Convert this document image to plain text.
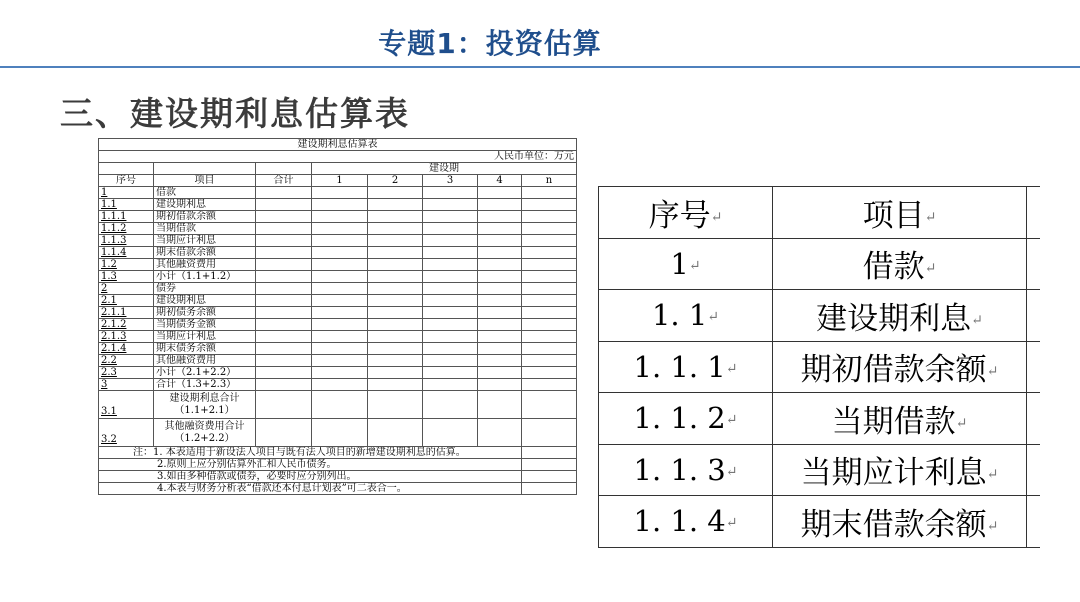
专题1：投资估算
三、建设期利息估算表
建设期利息估算表							
人民币单位：万元							
			建设期				
序号	项目	合计	1	2	3	4	n
1	借款						
1.1	建设期利息						
1.1.1	期初借款余额						
1.1.2	当期借款						
1.1.3	当期应计利息						
1.1.4	期末借款余额						
1.2	其他融资费用						
1.3	小计（1.1+1.2）						
2	债券						
2.1	建设期利息						
2.1.1	期初债务余额						
2.1.2	当期债务金额						
2.1.3	当期应计利息						
2.1.4	期末债务余额						
2.2	其他融资费用						
2.3	小计（2.1+2.2）						
3	合计（1.3+2.3）						
3.1	建设期利息合计
（1.1+2.1）						

3.2	其他融资费用合计
（1.2+2.2）						

注：1. 本表适用于新设法人项目与既有法人项目的新增建设期利息的估算。							
2.原则上应分别估算外汇和人民币债务。							
3.如由多种借款或债券，必要时应分别列出。							
4.本表与财务分析表“借款还本付息计划表”可二表合一。							
序号↵	项目↵	
1↵	借款↵	
1. 1↵	建设期利息↵	
1. 1. 1↵	期初借款余额↵	
1. 1. 2↵	当期借款↵	
1. 1. 3↵	当期应计利息↵	
1. 1. 4↵	期末借款余额↵	
